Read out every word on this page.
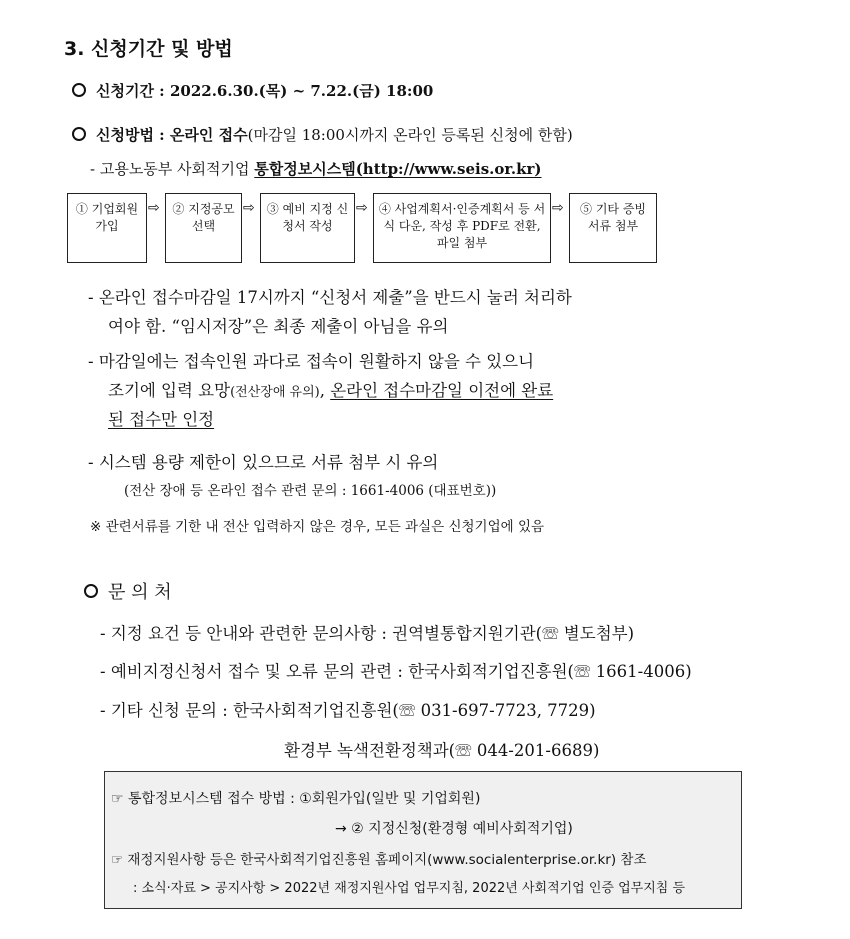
3. 신청기간 및 방법
신청기간 : 2022.6.30.(목) ~ 7.22.(금) 18:00
신청방법 : 온라인 접수(마감일 18:00시까지 온라인 등록된 신청에 한함)
- 고용노동부 사회적기업 통합정보시스템(http://www.seis.or.kr)
① 기업회원 가입
⇨	② 지정공모 선택
⇨	③ 예비 지정 신청서 작성
⇨ ④ 사업계획서·인증계획서 등 서식 다운, 작성 후 PDF로 전환, 파일 첨부
⇨	⑤ 기타 증빙 서류 첨부
- 온라인 접수마감일 17시까지 “신청서 제출”을 반드시 눌러 처리하
여야 함. “임시저장”은 최종 제출이 아님을 유의
- 마감일에는 접속인원 과다로 접속이 원활하지 않을 수 있으니
조기에 입력 요망(전산장애 유의), 온라인 접수마감일 이전에 완료
된 접수만 인정
- 시스템 용량 제한이 있으므로 서류 첨부 시 유의
(전산 장애 등 온라인 접수 관련 문의 : 1661-4006 (대표번호))
※ 관련서류를 기한 내 전산 입력하지 않은 경우, 모든 과실은 신청기업에 있음
문 의 처
- 지정 요건 등 안내와 관련한 문의사항 : 권역별통합지원기관(☏ 별도첨부)
- 예비지정신청서 접수 및 오류 문의 관련 : 한국사회적기업진흥원(☏ 1661-4006)
- 기타 신청 문의 : 한국사회적기업진흥원(☏ 031-697-7723, 7729)
환경부 녹색전환정책과(☏ 044-201-6689)
☞ 통합정보시스템 접수 방법 : ①회원가입(일반 및 기업회원)
→ ② 지정신청(환경형 예비사회적기업)
☞ 재정지원사항 등은 한국사회적기업진흥원 홈페이지(www.socialenterprise.or.kr) 참조
: 소식·자료 > 공지사항 > 2022년 재정지원사업 업무지침, 2022년 사회적기업 인증 업무지침 등
